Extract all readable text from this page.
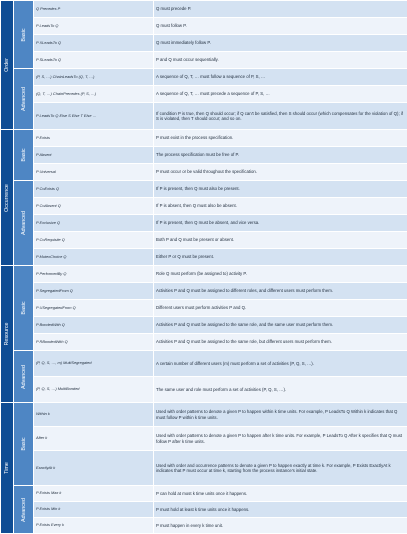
Order	Basic	Q Precedes P	Q must precede P.
		P LeadsTo Q	Q must follow P.
		P XLeadsTo Q	Q must immediately follow P.
		P SLeadsTo Q	P and Q must occur sequentially.

	Advanced	(P, S, …) ChainLeadsTo (Q, T, …)	A sequence of Q, T, … must follow a sequence of P, S, …
		(Q, T, …) ChainPrecedes (P, S, …)	A sequence of Q, T, … must precede a sequence of P, S, …
		P LeadsTo Q Else S Else T Else …	If condition P is true, then Q should occur; if Q can't be satisfied, then S should occur (which compensates for the violation of Q); if S is violated, then T should occur; and so on.

Occurrence	Basic	P Exists	P must exist in the process specification.
		P Absent	The process specification must be free of P.
		P Universal	P must occur or be valid throughout the specification.

	Advanced	P CoExists Q	If P is present, then Q must also be present.
		P CoAbsent Q	If P is absent, then Q must also be absent.
		P Exclusive Q	If P is present, then Q must be absent, and vice versa.
		P CoRequisite Q	Both P and Q must be present or absent.
		P MutexChoice Q	Either P or Q must be present.

Resource	Basic	P PerformedBy Q	Role Q must perform (be assigned to) activity P.
		P SegregatedFrom Q	Activities P and Q must be assigned to different roles, and different users must perform them.
		P USegregatedFrom Q	Different users must perform activities P and Q.
		P BondedWith Q	Activities P and Q must be assigned to the same role, and the same user must perform them.
		P RBondedWith Q	Activities P and Q must be assigned to the same role, but different users must perform them.

	Advanced	(P, Q, S, …, m) MultiSegregated	A certain number of different users (m) must perform a set of activities (P, Q, S, …).
		(P, Q, S, …) MultiBonded	The same user and role must perform a set of activities (P, Q, S, …).

Time	Basic	Within k	Used with order patterns to denote a given P to happen within k time units. For example, P LeadsTo Q Within k indicates that Q must follow P within k time units.
		After k	Used with order patterns to denote a given P to happen after k time units. For example, P LeadsTo Q After k specifies that Q must follow P after k time units.
		ExactlyAt k	Used with order and occurrence patterns to denote a given P to happen exactly at time k. For example, P Exists ExactlyAt k indicates that P must occur at time k, starting from the process instance's initial state.

	Advanced	P Exists Max k	P can hold at most k time units once it happens.
		P Exists Min k	P must hold at least k time units once it happens.
		P Exists Every k	P must happen in every k time unit.
